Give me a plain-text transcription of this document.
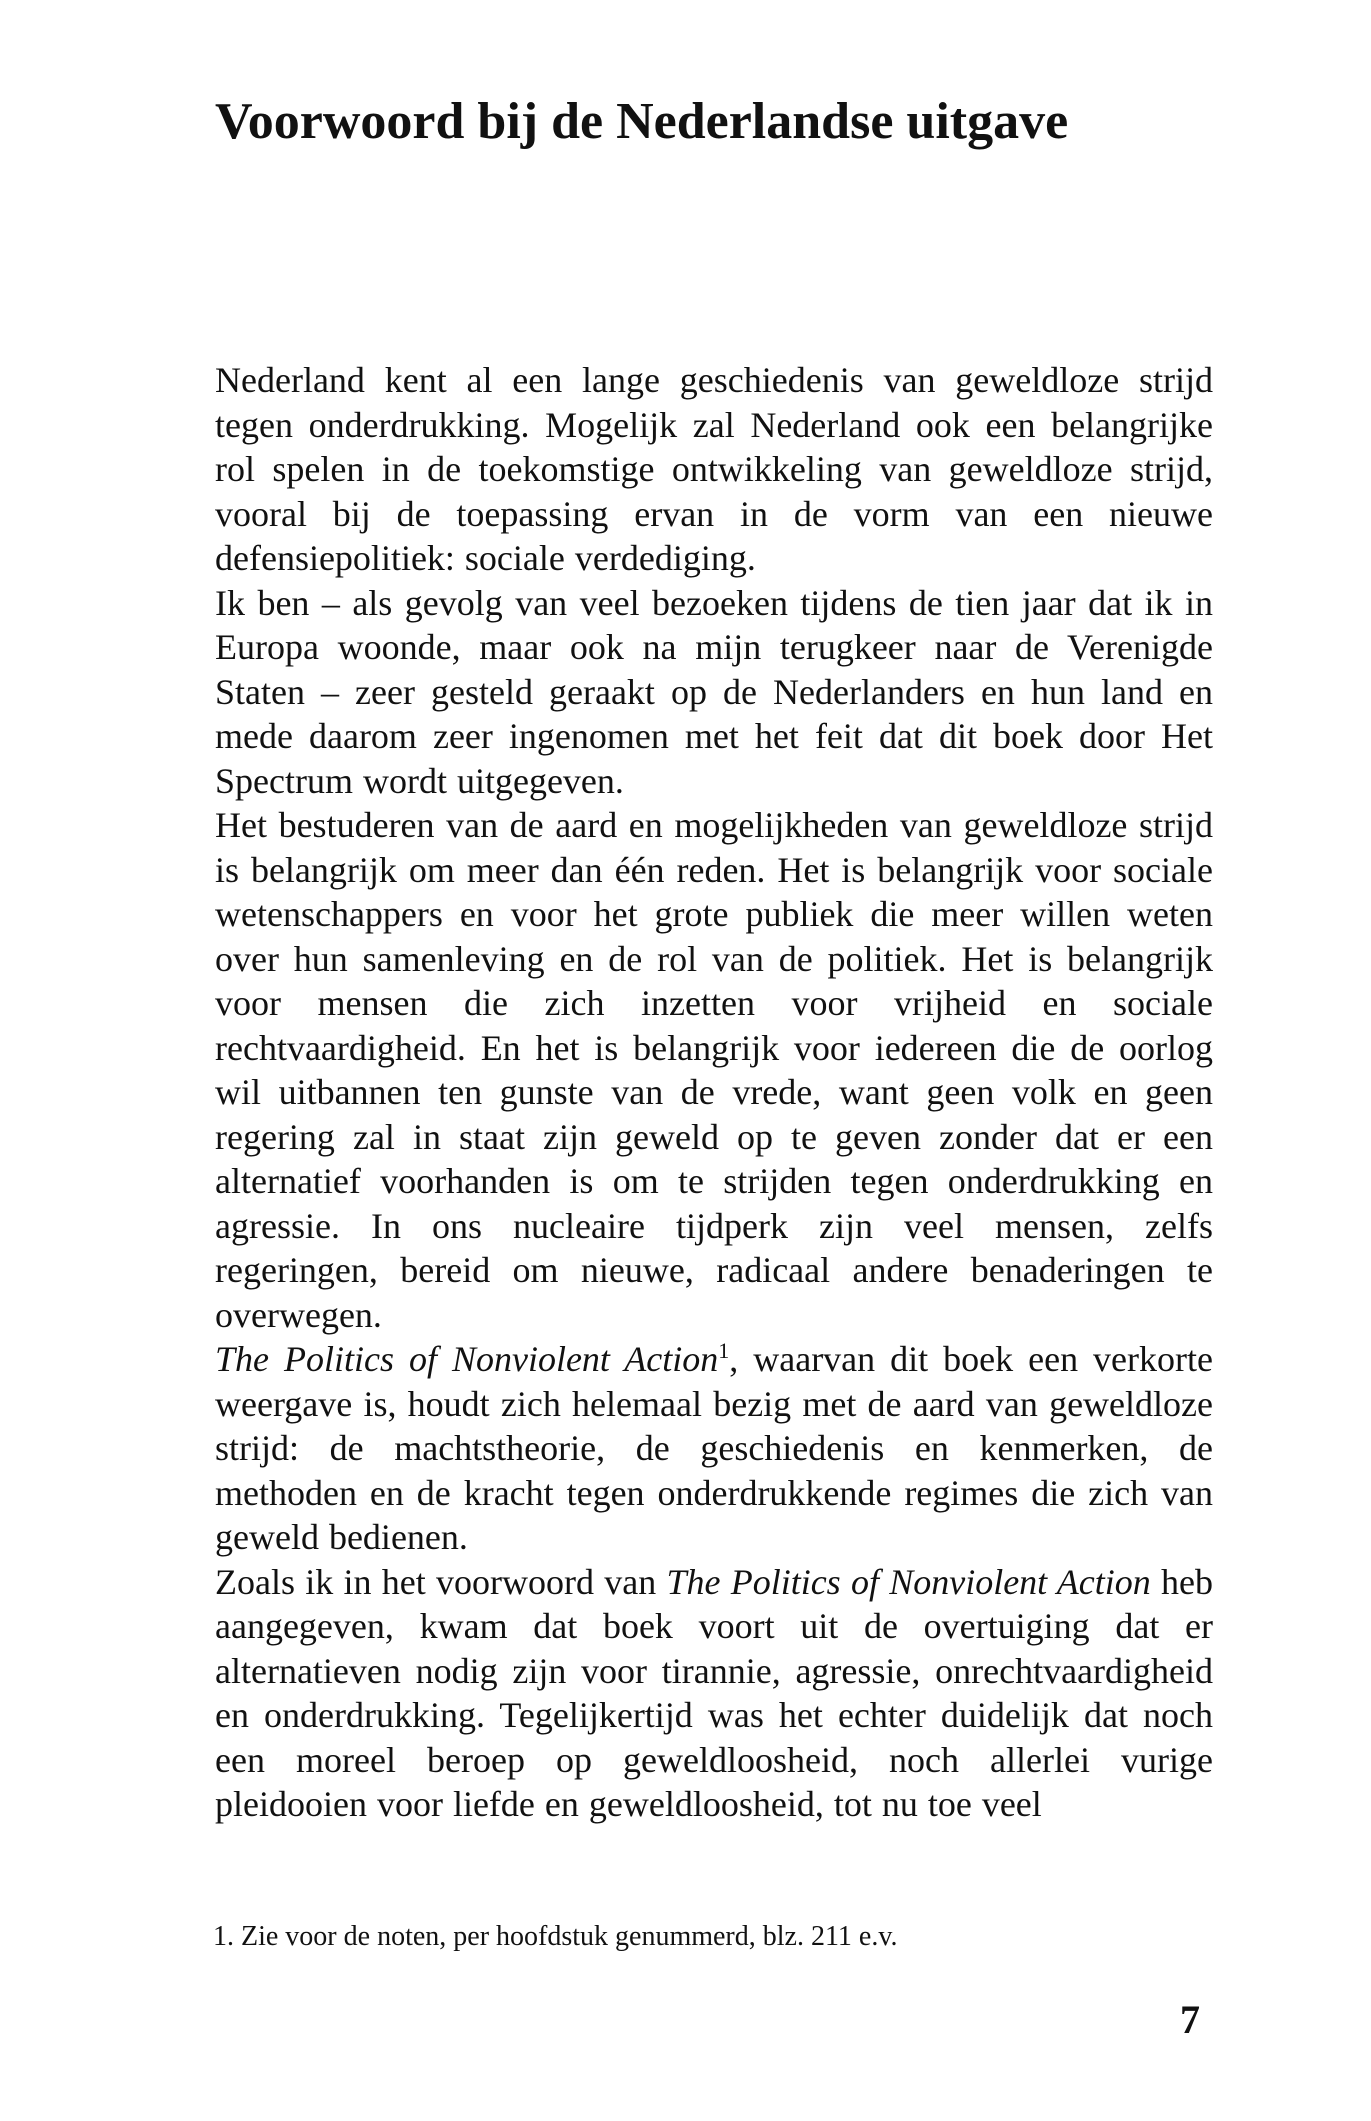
Voorwoord bij de Nederlandse uitgave

Nederland kent al een lange geschiedenis van geweldloze strijd tegen onderdrukking. Mogelijk zal Nederland ook een belangrijke rol spelen in de toekomstige ontwikkeling van geweldloze strijd, vooral bij de toepassing ervan in de vorm van een nieuwe defensiepolitiek: sociale verdediging.

Ik ben – als gevolg van veel bezoeken tijdens de tien jaar dat ik in Europa woonde, maar ook na mijn terugkeer naar de Verenigde Staten – zeer gesteld geraakt op de Nederlanders en hun land en mede daarom zeer ingenomen met het feit dat dit boek door Het Spectrum wordt uitgegeven.

Het bestuderen van de aard en mogelijkheden van geweldloze strijd is belangrijk om meer dan één reden. Het is belangrijk voor sociale wetenschappers en voor het grote publiek die meer willen weten over hun samenleving en de rol van de politiek. Het is belangrijk voor mensen die zich inzetten voor vrijheid en sociale rechtvaardigheid. En het is belangrijk voor iedereen die de oorlog wil uitbannen ten gunste van de vrede, want geen volk en geen regering zal in staat zijn geweld op te geven zonder dat er een alternatief voorhanden is om te strijden tegen onderdrukking en agressie. In ons nucleaire tijdperk zijn veel mensen, zelfs regeringen, bereid om nieuwe, radicaal andere benaderingen te overwegen.

The Politics of Nonviolent Action$^1$, waarvan dit boek een verkorte weergave is, houdt zich helemaal bezig met de aard van geweldloze strijd: de machtstheorie, de geschiedenis en kenmerken, de methoden en de kracht tegen onderdrukkende regimes die zich van geweld bedienen.

Zoals ik in het voorwoord van The Politics of Nonviolent Action heb aangegeven, kwam dat boek voort uit de overtuiging dat er alternatieven nodig zijn voor tirannie, agressie, onrechtvaardigheid en onderdrukking. Tegelijkertijd was het echter duidelijk dat noch een moreel beroep op geweldloosheid, noch allerlei vurige pleidooien voor liefde en geweldloosheid, tot nu toe veel

1. Zie voor de noten, per hoofdstuk genummerd, blz. 211 e.v.

7
